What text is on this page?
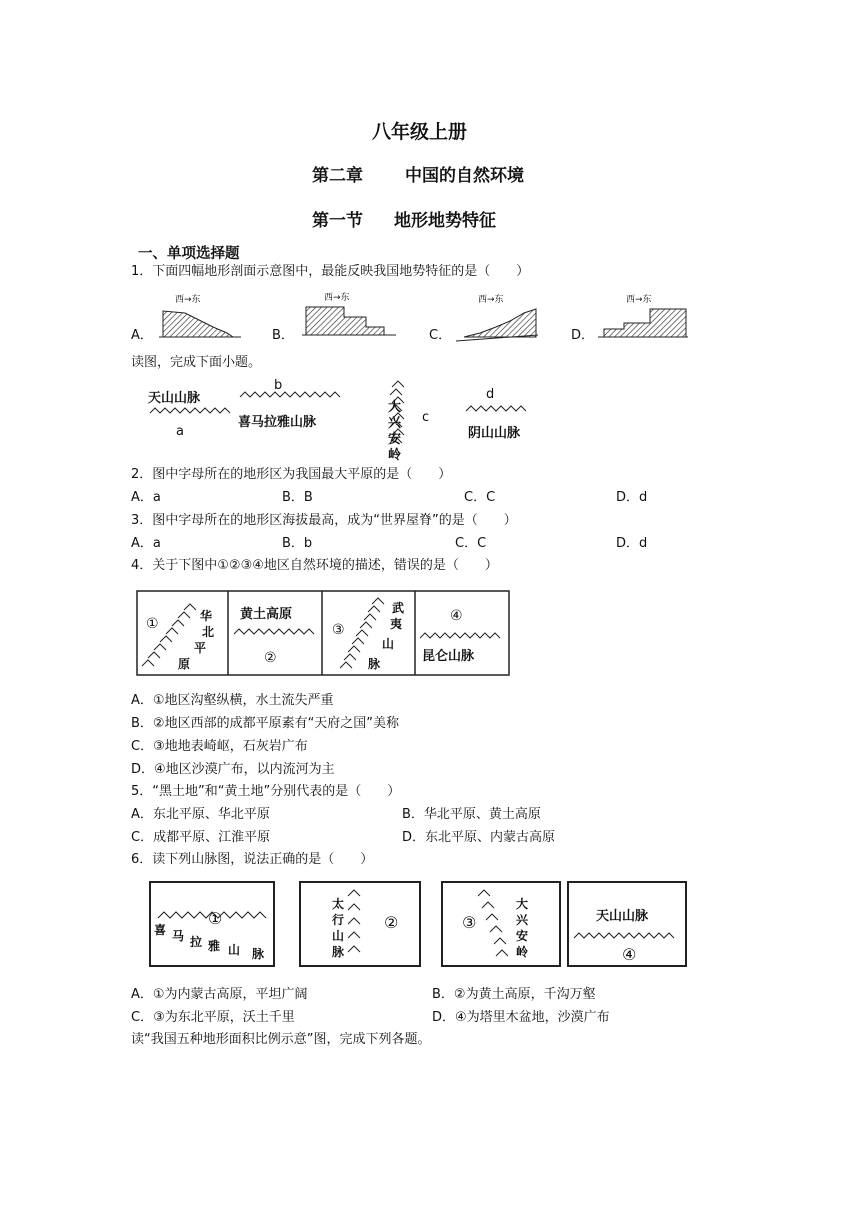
八年级上册
第二章 中国的自然环境
第一节 地形地势特征
一、单项选择题
1．下面四幅地形剖面示意图中，最能反映我国地势特征的是（　　）
A．
西→东
B．
西→东
C．
西→东
D．
西→东
读图，完成下面小题。
天山山脉
a
b
喜马拉雅山脉
大
兴
安
岭
c
d
阴山山脉
2．图中字母所在的地形区为我国最大平原的是（　　）
A．a	B．B	C．C	D．d
3．图中字母所在的地形区海拔最高，成为“世界屋脊”的是（　　）
A．a	B．b	C．C	D．d
4．关于下图中①②③④地区自然环境的描述，错误的是（　　）
①	华
北
平
原
黄土高原
②
③
武
夷
山
脉
④
昆仑山脉
A．①地区沟壑纵横，水土流失严重
B．②地区西部的成都平原素有“天府之国”美称
C．③地地表崎岖，石灰岩广布
D．④地区沙漠广布，以内流河为主
5．“黑土地”和“黄土地”分别代表的是（　　）
A．东北平原、华北平原	B．华北平原、黄土高原
C．成都平原、江淮平原	D．东北平原、内蒙古高原
6．读下列山脉图，说法正确的是（　　）
喜 马 拉 雅 山 脉
①
太
行
山
脉
②	③
大
兴
安
岭
天山山脉
④
A．①为内蒙古高原，平坦广阔	B．②为黄土高原，千沟万壑
C．③为东北平原，沃土千里	D．④为塔里木盆地，沙漠广布
读“我国五种地形面积比例示意”图，完成下列各题。
